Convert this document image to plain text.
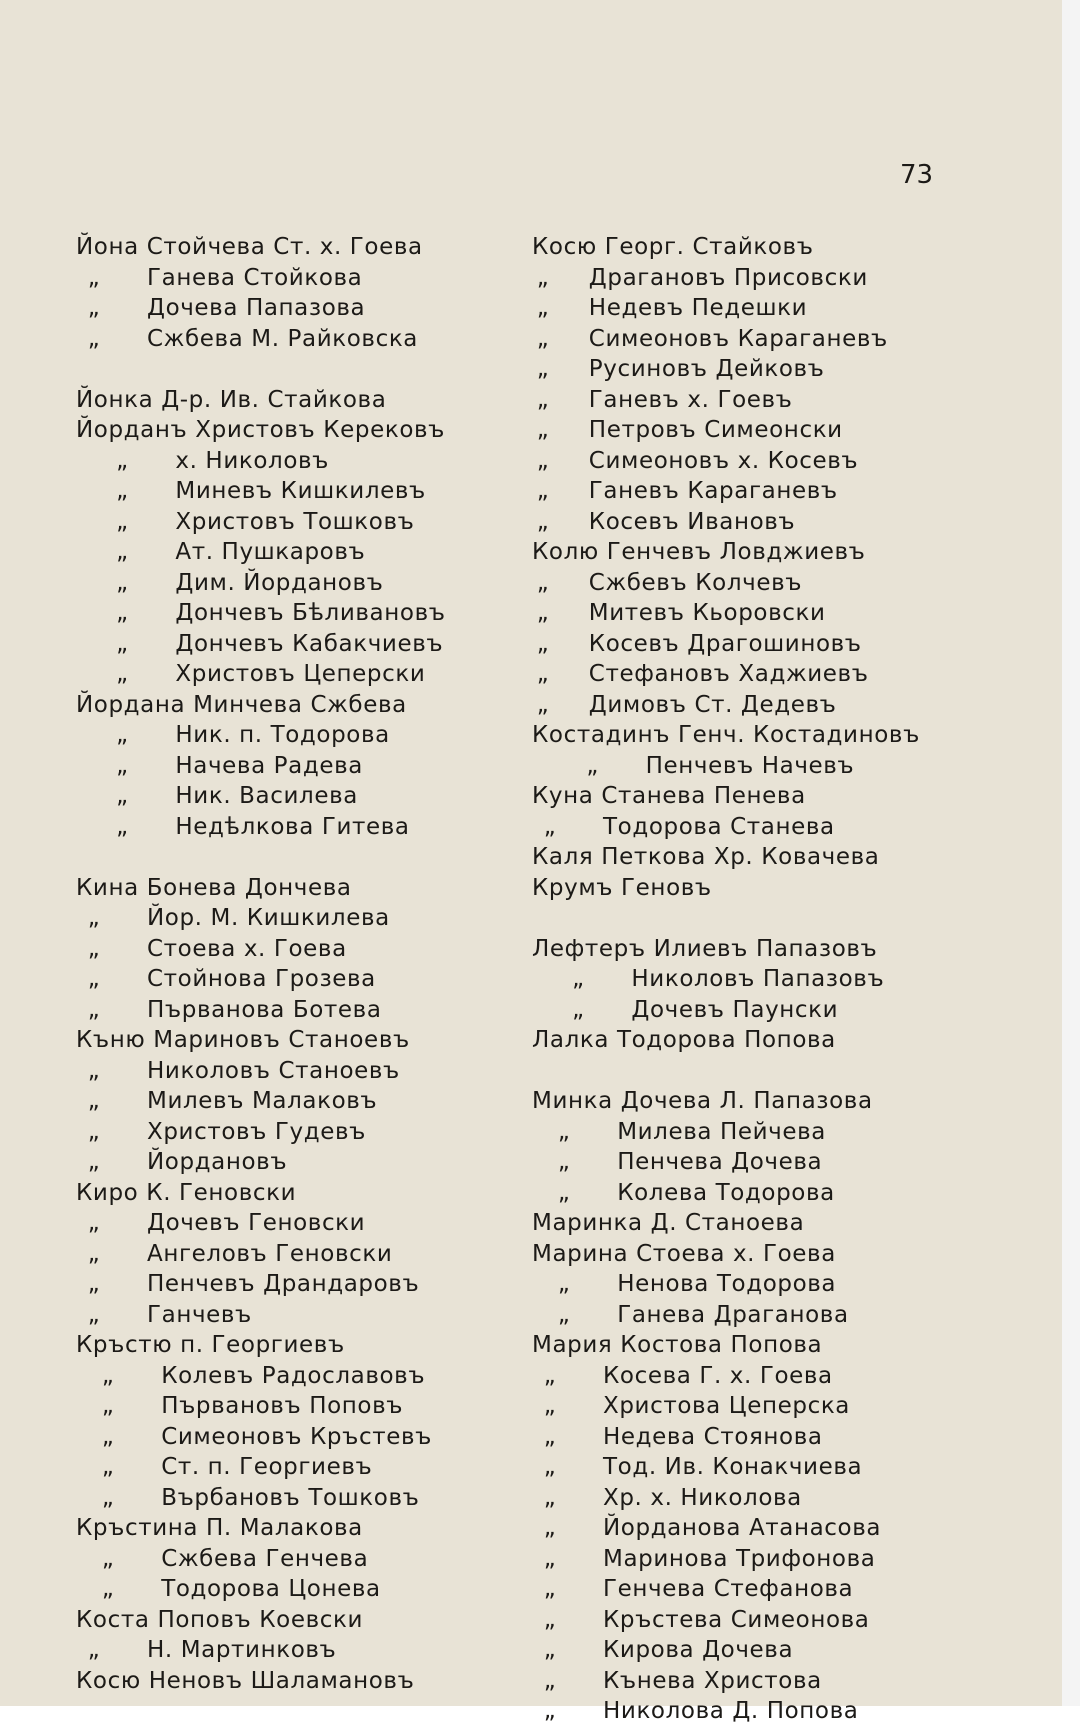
73
Йона Стойчева Ст. х. Гоева
„ Ганева Стойкова
„ Дочева Папазова
„ Сжбева М. Райковска
Йонка Д-р. Ив. Стайкова
Йорданъ Христовъ Керековъ
„ х. Николовъ
„ Миневъ Кишкилевъ
„ Христовъ Тошковъ
„ Ат. Пушкаровъ
„ Дим. Йордановъ
„ Дончевъ Бѣливановъ
„ Дончевъ Кабакчиевъ
„ Христовъ Цеперски
Йордана Минчева Сжбева
„ Ник. п. Тодорова
„ Начева Радева
„ Ник. Василева
„ Недѣлкова Гитева
Кина Бонева Дончева
„ Йор. М. Кишкилева
„ Стоева х. Гоева
„ Стойнова Грозева
„ Първанова Ботева
Къню Мариновъ Станоевъ
„ Николовъ Станоевъ
„ Милевъ Малаковъ
„ Христовъ Гудевъ
„ Йордановъ
Киро К. Геновски
„ Дочевъ Геновски
„ Ангеловъ Геновски
„ Пенчевъ Драндаровъ
„ Ганчевъ
Кръстю п. Георгиевъ
„ Колевъ Радославовъ
„ Първановъ Поповъ
„ Симеоновъ Кръстевъ
„ Ст. п. Георгиевъ
„ Върбановъ Тошковъ
Кръстина П. Малакова
„ Сжбева Генчева
„ Тодорова Цонева
Коста Поповъ Коевски
„ Н. Мартинковъ
Косю Неновъ Шаламановъ
Косю Георг. Стайковъ
„ Драгановъ Присовски
„ Недевъ Педешки
„ Симеоновъ Караганевъ
„ Русиновъ Дейковъ
„ Ганевъ х. Гоевъ
„ Петровъ Симеонски
„ Симеоновъ х. Косевъ
„ Ганевъ Караганевъ
„ Косевъ Ивановъ
Колю Генчевъ Ловджиевъ
„ Сжбевъ Колчевъ
„ Митевъ Кьоровски
„ Косевъ Драгошиновъ
„ Стефановъ Хаджиевъ
„ Димовъ Ст. Дедевъ
Костадинъ Генч. Костадиновъ
„ Пенчевъ Начевъ
Куна Станева Пенева
„ Тодорова Станева
Каля Петкова Хр. Ковачева
Крумъ Геновъ
Лефтеръ Илиевъ Папазовъ
„ Николовъ Папазовъ
„ Дочевъ Паунски
Лалка Тодорова Попова
Минка Дочева Л. Папазова
„ Милева Пейчева
„ Пенчева Дочева
„ Колева Тодорова
Маринка Д. Станоева
Марина Стоева х. Гоева
„ Ненова Тодорова
„ Ганева Драганова
Мария Костова Попова
„ Косева Г. х. Гоева
„ Христова Цеперска
„ Недева Стоянова
„ Тод. Ив. Конакчиева
„ Хр. х. Николова
„ Йорданова Атанасова
„ Маринова Трифонова
„ Генчева Стефанова
„ Кръстева Симеонова
„ Кирова Дочева
„ Кънева Христова
„ Николова Д. Попова
